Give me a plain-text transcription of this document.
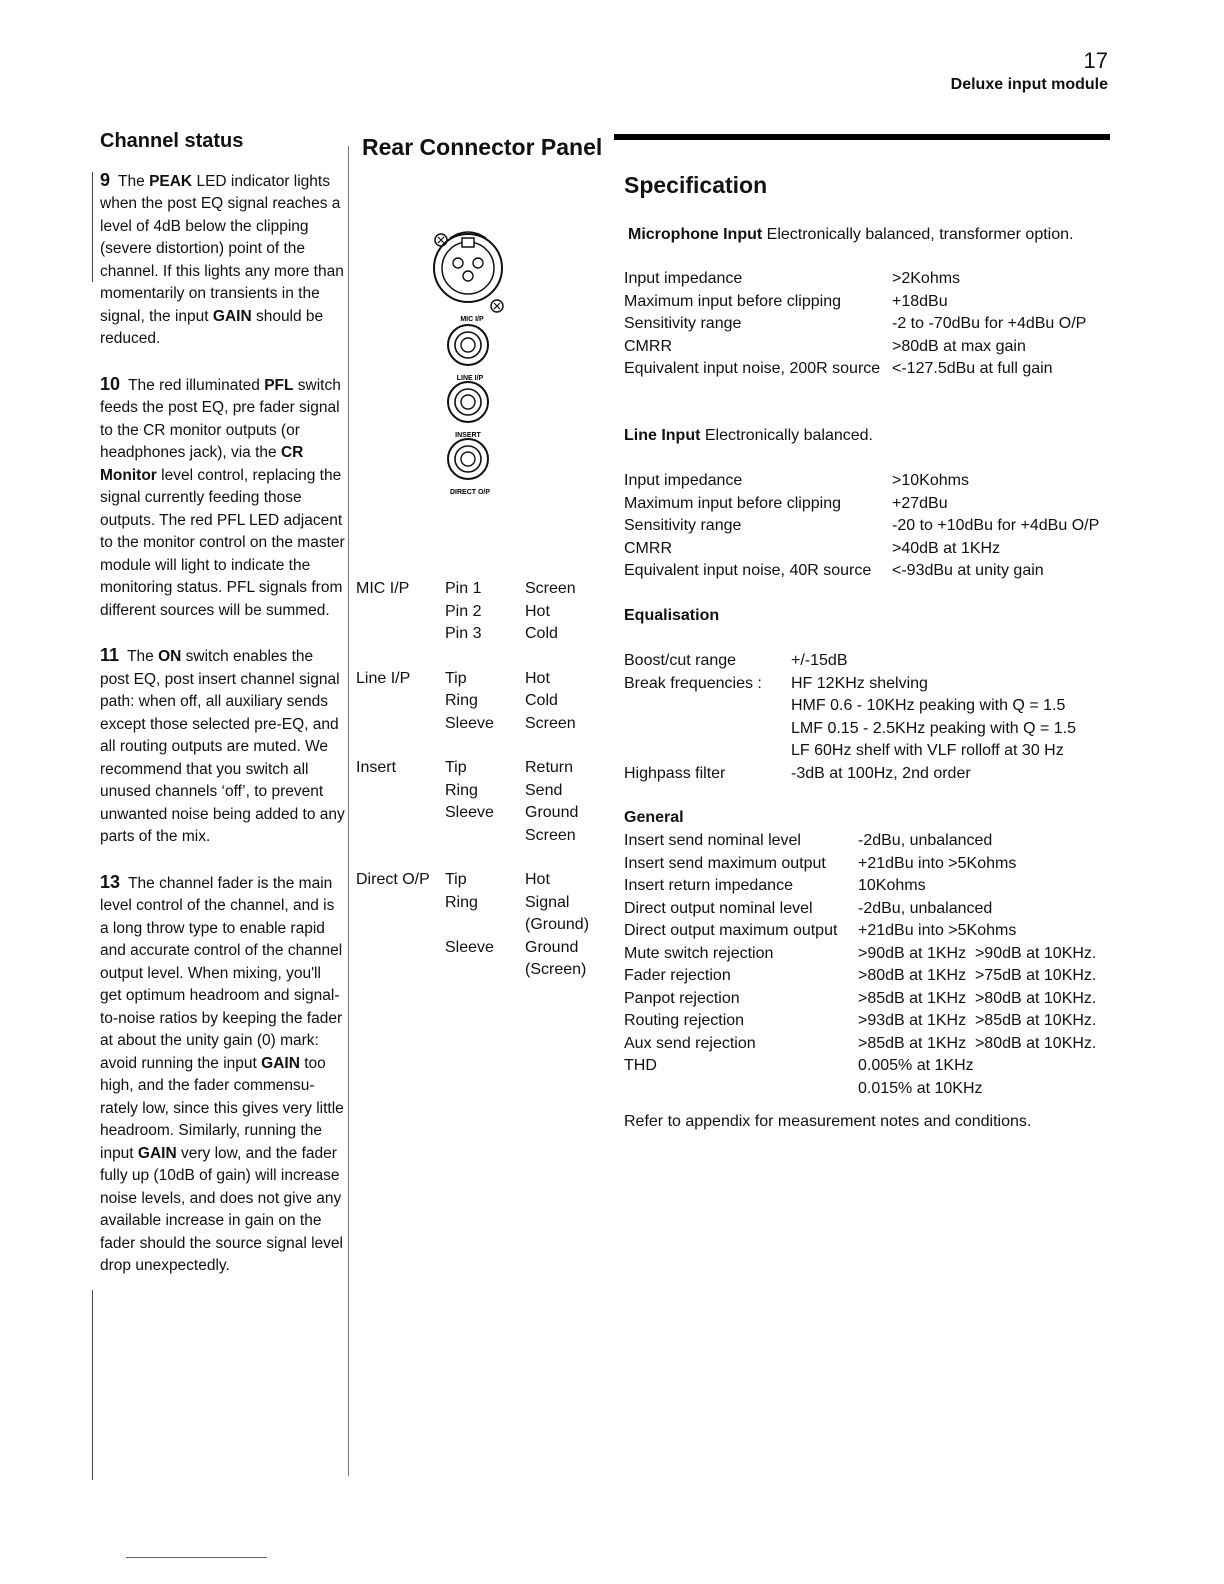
17
Deluxe input module
Channel status

9 The PEAK LED indicator lights when the post EQ signal reaches a level of 4dB below the clipping (severe distortion) point of the channel. If this lights any more than momentarily on transients in the signal, the input GAIN should be reduced.

10 The red illuminated PFL switch feeds the post EQ, pre fader signal to the CR monitor outputs (or headphones jack), via the CR Monitor level control, replacing the signal currently feeding those outputs. The red PFL LED adjacent to the monitor control on the master module will light to indicate the monitoring status. PFL signals from different sources will be summed.

11 The ON switch enables the post EQ, post insert channel signal path: when off, all auxiliary sends except those selected pre-EQ, and all routing outputs are muted. We recommend that you switch all unused channels ‘off’, to prevent unwanted noise being added to any parts of the mix.

13 The channel fader is the main level control of the channel, and is a long throw type to enable rapid and accurate control of the channel output level. When mixing, you'll get optimum headroom and signal-to-noise ratios by keeping the fader at about the unity gain (0) mark: avoid running the input GAIN too high, and the fader commensu-rately low, since this gives very little headroom. Similarly, running the input GAIN very low, and the fader fully up (10dB of gain) will increase noise levels, and does not give any available increase in gain on the fader should the source signal level drop unexpectedly.

Rear Connector Panel
MIC I/P
LINE I/P
INSERT
DIRECT O/P
MIC I/P	Pin 1	Screen
	Pin 2	Hot
	Pin 3	Cold

Line I/P	Tip	Hot
	Ring	Cold
	Sleeve	Screen

Insert	Tip	Return
	Ring	Send
	Sleeve	Ground
		Screen

Direct O/P	Tip	Hot
	Ring	Signal
		(Ground)
	Sleeve	Ground
		(Screen)
Specification
Microphone Input Electronically balanced, transformer option.
Input impedance	>2Kohms
Maximum input before clipping	+18dBu
Sensitivity range	-2 to -70dBu for +4dBu O/P
CMRR	>80dB at max gain
Equivalent input noise, 200R source	<-127.5dBu at full gain
Line Input Electronically balanced.
Input impedance	>10Kohms
Maximum input before clipping	+27dBu
Sensitivity range	-20 to +10dBu for +4dBu O/P
CMRR	>40dB at 1KHz
Equivalent input noise, 40R source	<-93dBu at unity gain
Equalisation
Boost/cut range	+/-15dB
Break frequencies :	HF 12KHz shelving
	HMF 0.6 - 10KHz peaking with Q = 1.5
	LMF 0.15 - 2.5KHz peaking with Q = 1.5
	LF 60Hz shelf with VLF rolloff at 30 Hz
Highpass filter	-3dB at 100Hz, 2nd order
General
Insert send nominal level	-2dBu, unbalanced
Insert send maximum output	+21dBu into >5Kohms
Insert return impedance	10Kohms
Direct output nominal level	-2dBu, unbalanced
Direct output maximum output	+21dBu into >5Kohms
Mute switch rejection	>90dB at 1KHz  >90dB at 10KHz.
Fader rejection	>80dB at 1KHz  >75dB at 10KHz.
Panpot rejection	>85dB at 1KHz  >80dB at 10KHz.
Routing rejection	>93dB at 1KHz  >85dB at 10KHz.
Aux send rejection	>85dB at 1KHz  >80dB at 10KHz.
THD	0.005% at 1KHz
	0.015% at 10KHz
Refer to appendix for measurement notes and conditions.
